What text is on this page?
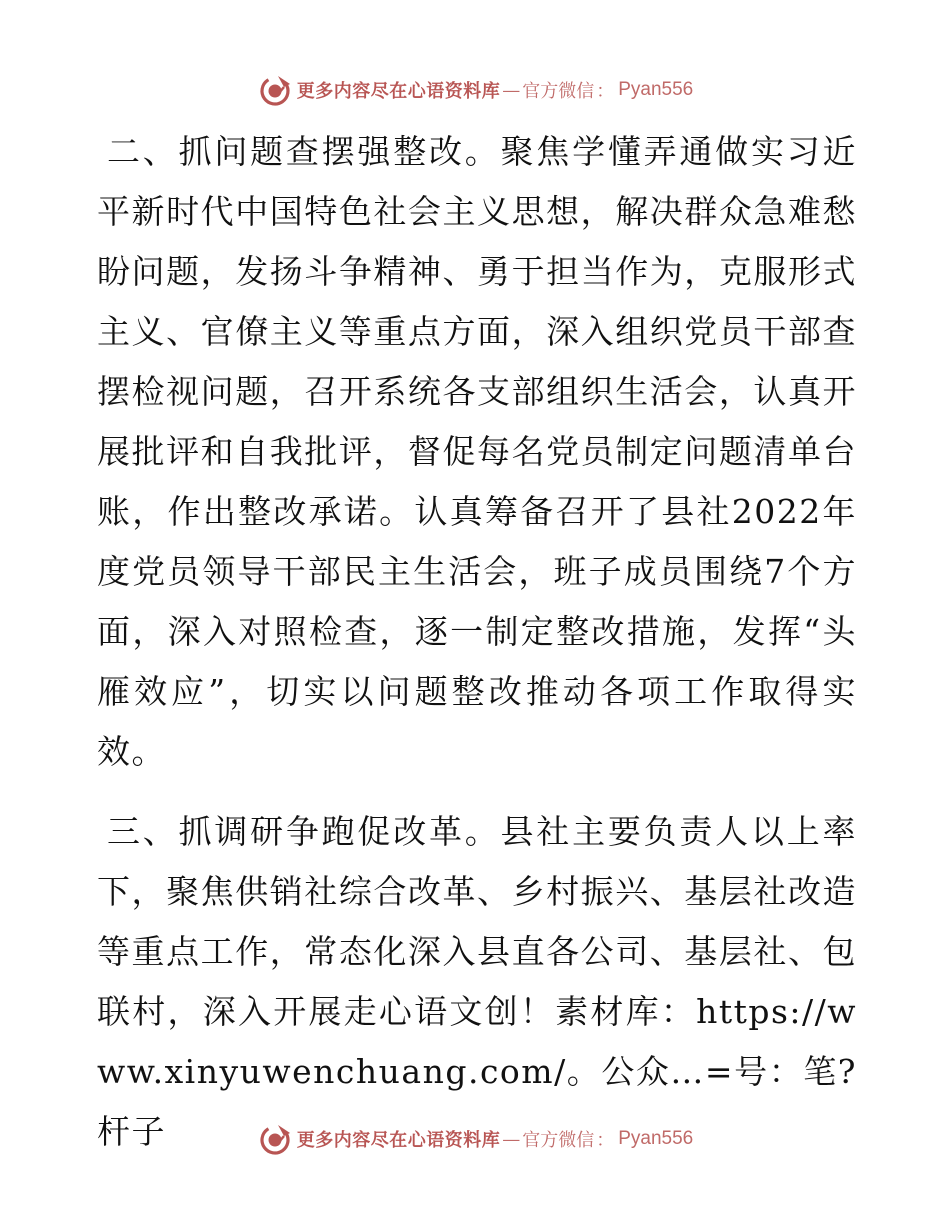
更多内容尽在心语资料库 — 官方微信 ： Pyan556

二、抓问题查摆强整改。聚焦学懂弄通做实习近平新时代中国特色社会主义思想，解决群众急难愁盼问题，发扬斗争精神、勇于担当作为，克服形式主义、官僚主义等重点方面，深入组织党员干部查摆检视问题，召开系统各支部组织生活会，认真开展批评和自我批评，督促每名党员制定问题清单台账，作出整改承诺。认真筹备召开了县社2022年度党员领导干部民主生活会，班子成员围绕7个方面，深入对照检查，逐一制定整改措施，发挥“头雁效应”，切实以问题整改推动各项工作取得实效。

三、抓调研争跑促改革。县社主要负责人以上率下，聚焦供销社综合改革、乡村振兴、基层社改造等重点工作，常态化深入县直各公司、基层社、包联村，深入开展走心语文创！素材库：https://www.xinyuwenchuang.com/。公众…=号：笔?杆子	更多内容尽在心语资料库 — 官方微信 ： Pyan556
